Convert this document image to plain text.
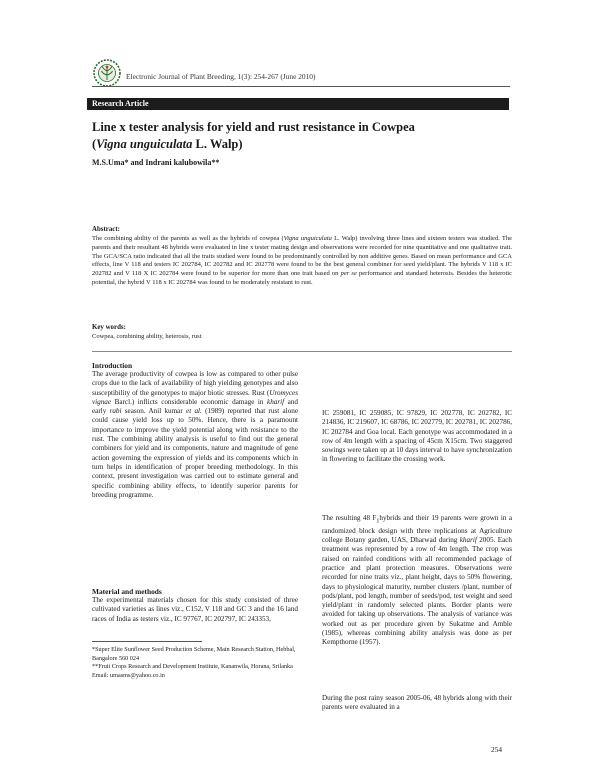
Electronic Journal of Plant Breeding, 1(3): 254-267 (June 2010)
Research Article
Line x tester analysis for yield and rust resistance in Cowpea
(Vigna unguiculata L. Walp)
M.S.Uma* and Indrani kalubowila**
Abstract:

The combining ability of the parents as well as the hybrids of cowpea (Vigna unguiculata L. Walp) involving three lines and sixteen testers was studied. The parents and their resultant 48 hybrids were evaluated in line x tester mating design and observations were recorded for nine quantitative and one qualitative trait. The GCA/SCA ratio indicated that all the traits studied were found to be predominantly controlled by non additive genes. Based on mean performance and GCA effects, line V 118 and testers IC 202784, IC 202782 and IC 202778 were found to be the best general combiner for seed yield/plant. The hybrids V 118 x IC 202782 and V 118 X IC 202784 were found to be superior for more than one trait based on per se performance and standard heterosis. Besides the heterotic potential, the hybrid V 118 x IC 202784 was found to be moderately resistant to rust.

Key words:
Cowpea, combining ability, heterosis, rust
Introduction

The average productivity of cowpea is low as compared to other pulse crops due to the lack of availability of high yielding genotypes and also susceptibility of the genotypes to major biotic stresses. Rust (Uromyces vignae Barcl.) inflicts considerable economic damage in kharif and early rabi season. Anil kumar et al. (1989) reported that rust alone could cause yield loss up to 50%. Hence, there is a paramount importance to improve the yield potential along with resistance to the rust. The combining ability analysis is useful to find out the general combiners for yield and its components, nature and magnitude of gene action governing the expression of yields and its components which in turn helps in identification of proper breeding methodology. In this context, present investigation was carried out to estimate general and specific combining ability effects, to identify superior parents for breeding programme.

Material and methods

The experimental materials chosen for this study consisted of three cultivated varieties as lines viz., C152, V 118 and GC 3 and the 16 land races of India as testers viz., IC 97767, IC 202797, IC 243353,

*Super Elite Sunflower Seed Production Scheme, Main Research Station, Hebbal, Bangalore 560 024
**Fruit Crops Research and Development Institute, Kananwila, Horana, Srilanka
Email: umasms@yahoo.co.in

IC 259081, IC 259085, IC 97829, IC 202778, IC 202782, IC 214836, IC 219607, IC 68786, IC 202779, IC 202781, IC 202786, IC 202784 and Goa local. Each genotype was accommodated in a row of 4m length with a spacing of 45cm X15cm. Two staggered sowings were taken up at 10 days interval to have synchronization in flowering to facilitate the crossing work.

The resulting 48 $F_1hybrids$ and their 19 parents were grown in a randomized block design with three replications at Agriculture college Botany garden, UAS, Dharwad during kharif 2005. Each treatment was represented by a row of 4m length. The crop was raised on rainfed conditions with all recommended package of practice and plant protection measures. Observations were recorded for nine traits viz., plant height, days to 50% flowering, days to physiological maturity, number clusters /plant, number of pods/plant, pod length, number of seeds/pod, test weight and seed yield/plant in randomly selected plants. Border plants were avoided for taking up observations. The analysis of variance was worked out as per procedure given by Sukatme and Amble (1985), whereas combining ability analysis was done as per Kempthorne (1957).

During the post rainy season 2005-06, 48 hybrids along with their parents were evaluated in a

254
